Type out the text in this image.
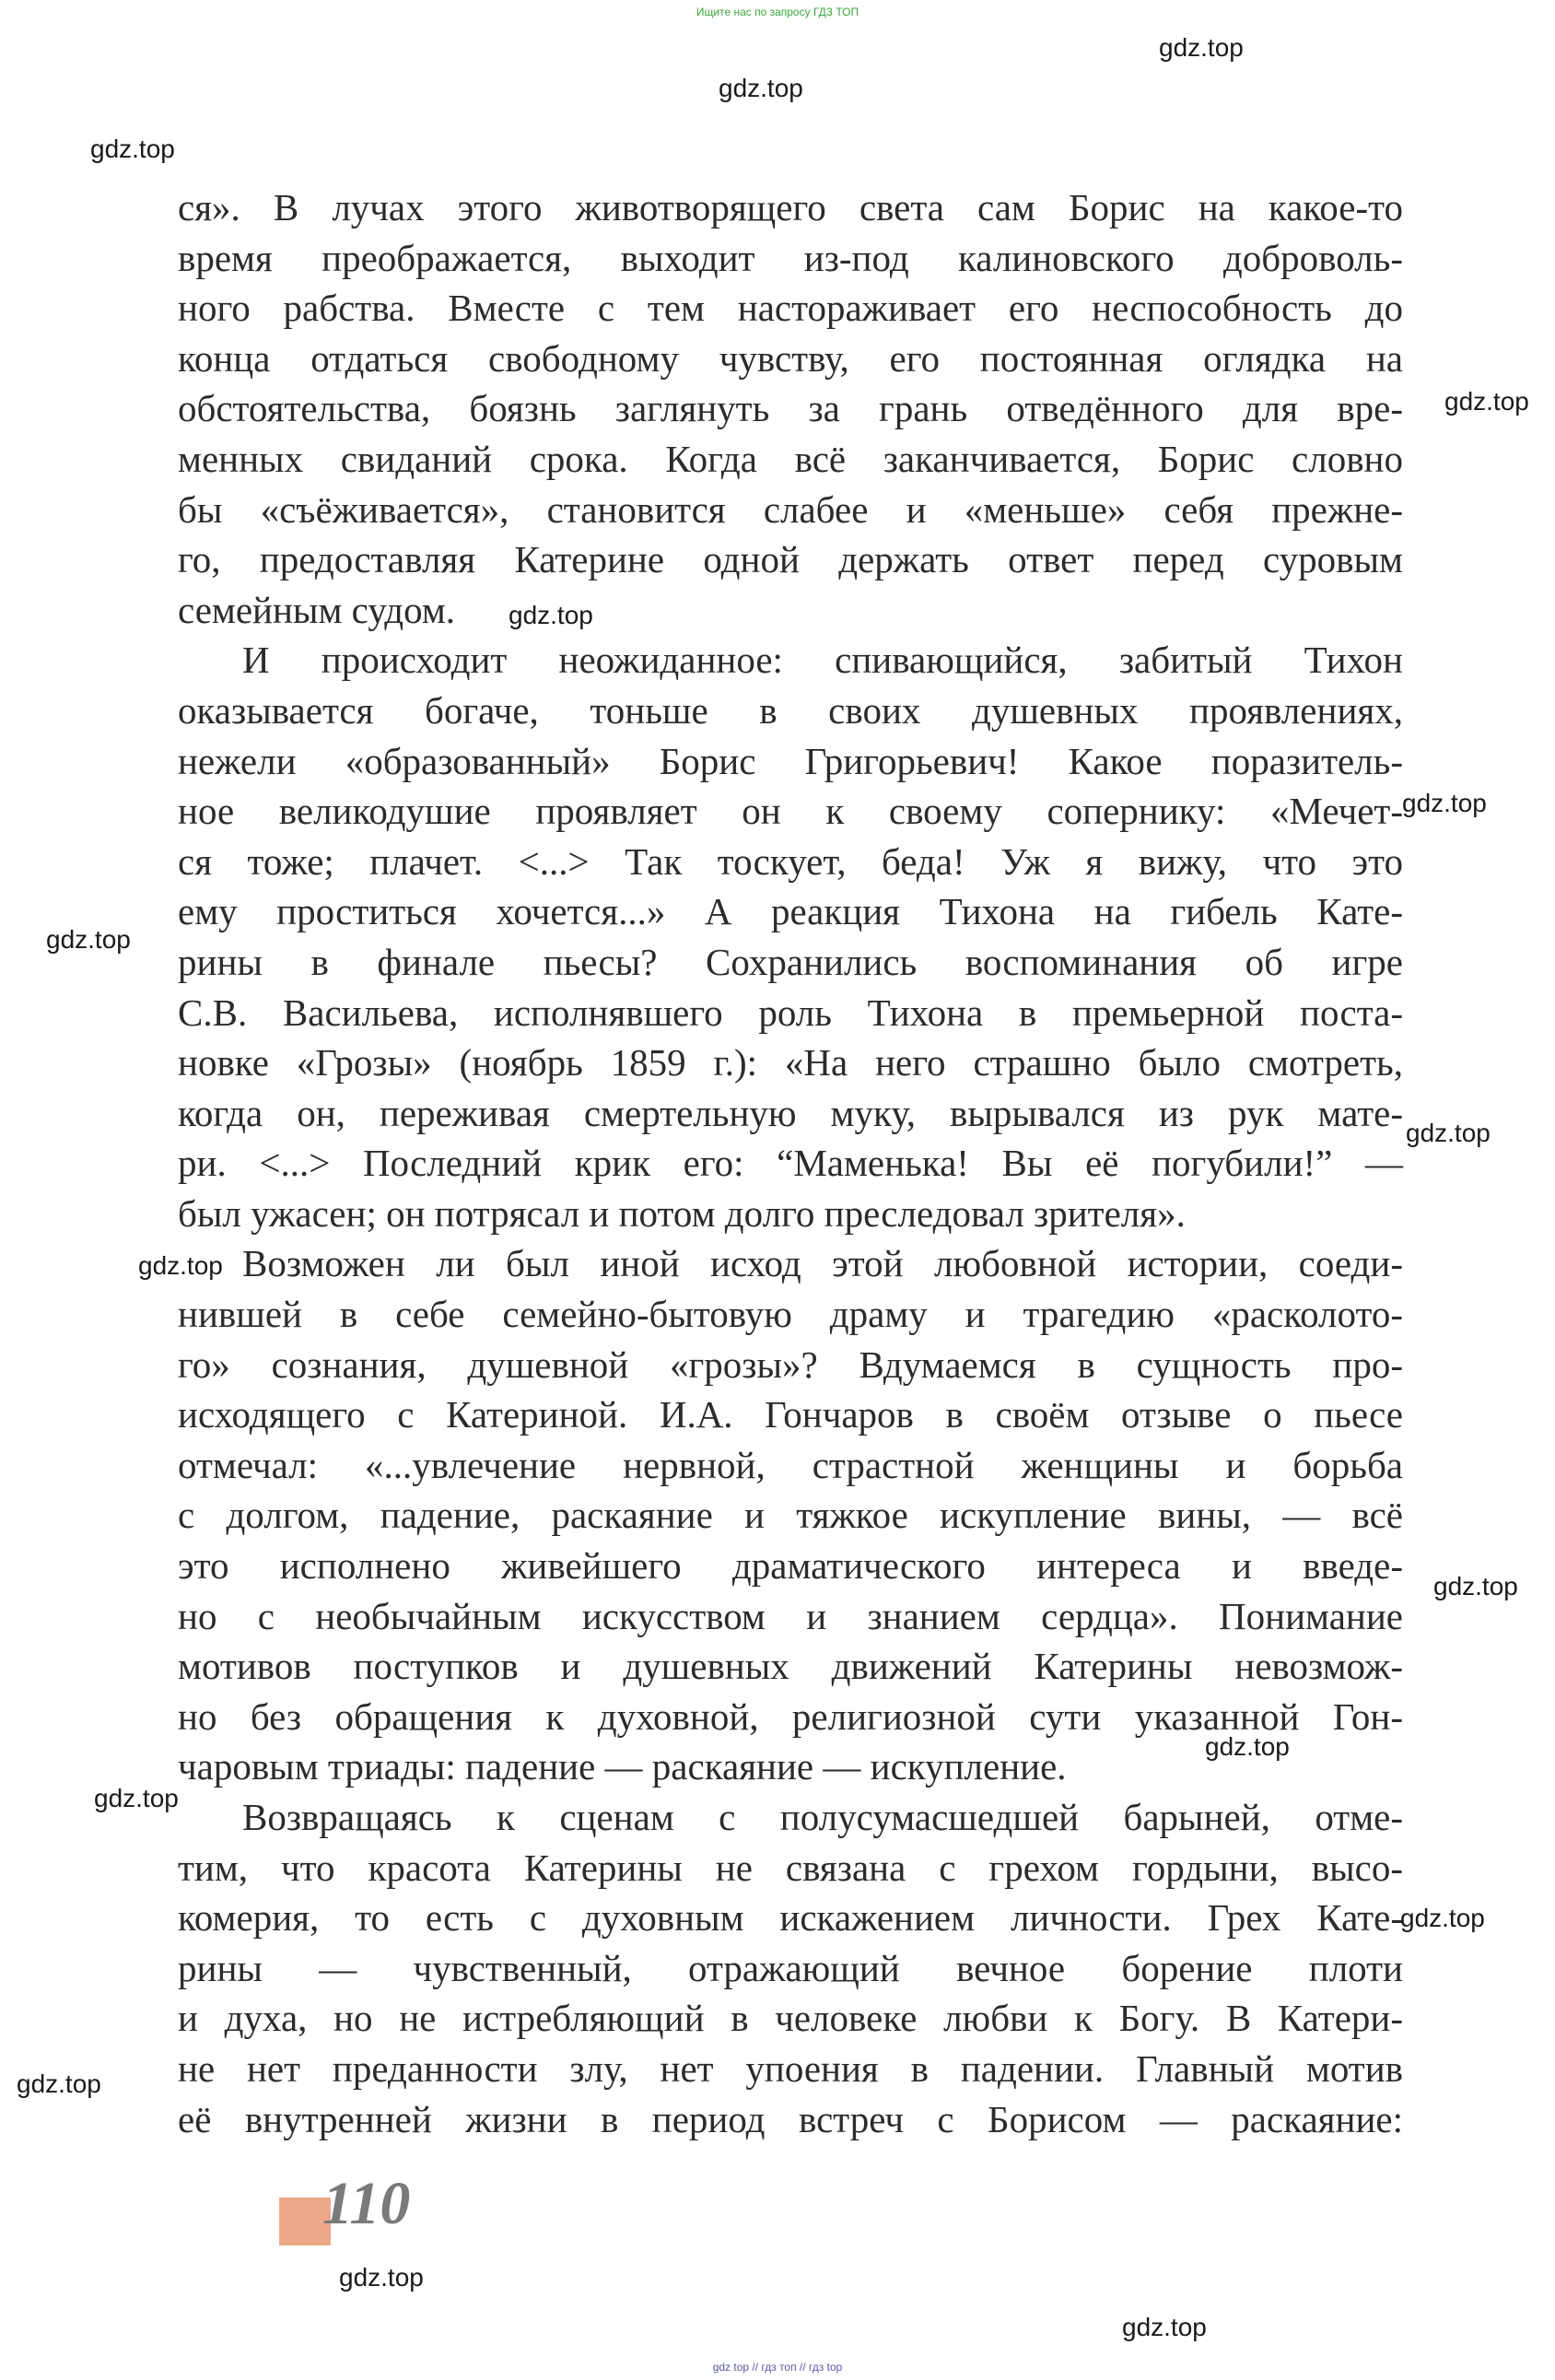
Ищите нас по запросу ГДЗ ТОП
gdz.top
gdz.top
gdz.top
gdz.top
gdz.top
gdz.top
gdz.top
gdz.top
gdz.top
gdz.top
gdz.top
gdz.top
gdz.top
gdz.top
gdz.top
gdz.top
ся». В лучах этого животворящего света сам Борис на какое-то
время преображается, выходит из-под калиновского доброволь-
ного рабства. Вместе с тем настораживает его неспособность до
конца отдаться свободному чувству, его постоянная оглядка на
обстоятельства, боязнь заглянуть за грань отведённого для вре-
менных свиданий срока. Когда всё заканчивается, Борис словно
бы «съёживается», становится слабее и «меньше» себя прежне-
го, предоставляя Катерине одной держать ответ перед суровым
семейным судом.
И происходит неожиданное: спивающийся, забитый Тихон
оказывается богаче, тоньше в своих душевных проявлениях,
нежели «образованный» Борис Григорьевич! Какое поразитель-
ное великодушие проявляет он к своему сопернику: «Мечет-
ся тоже; плачет. <...> Так тоскует, беда! Уж я вижу, что это
ему проститься хочется...» А реакция Тихона на гибель Кате-
рины в финале пьесы? Сохранились воспоминания об игре
С.В. Васильева, исполнявшего роль Тихона в премьерной поста-
новке «Грозы» (ноябрь 1859 г.): «На него страшно было смотреть,
когда он, переживая смертельную муку, вырывался из рук мате-
ри. <...> Последний крик его: “Маменька! Вы её погубили!” —
был ужасен; он потрясал и потом долго преследовал зрителя».
Возможен ли был иной исход этой любовной истории, соеди-
нившей в себе семейно-бытовую драму и трагедию «расколото-
го» сознания, душевной «грозы»? Вдумаемся в сущность про-
исходящего с Катериной. И.А. Гончаров в своём отзыве о пьесе
отмечал: «...увлечение нервной, страстной женщины и борьба
с долгом, падение, раскаяние и тяжкое искупление вины, — всё
это исполнено живейшего драматического интереса и введе-
но с необычайным искусством и знанием сердца». Понимание
мотивов поступков и душевных движений Катерины невозмож-
но без обращения к духовной, религиозной сути указанной Гон-
чаровым триады: падение — раскаяние — искупление.
Возвращаясь к сценам с полусумасшедшей барыней, отме-
тим, что красота Катерины не связана с грехом гордыни, высо-
комерия, то есть с духовным искажением личности. Грех Кате-
рины — чувственный, отражающий вечное борение плоти
и духа, но не истребляющий в человеке любви к Богу. В Катери-
не нет преданности злу, нет упоения в падении. Главный мотив
её внутренней жизни в период встреч с Борисом — раскаяние:
110
gdz top // гдз топ // гдз top
